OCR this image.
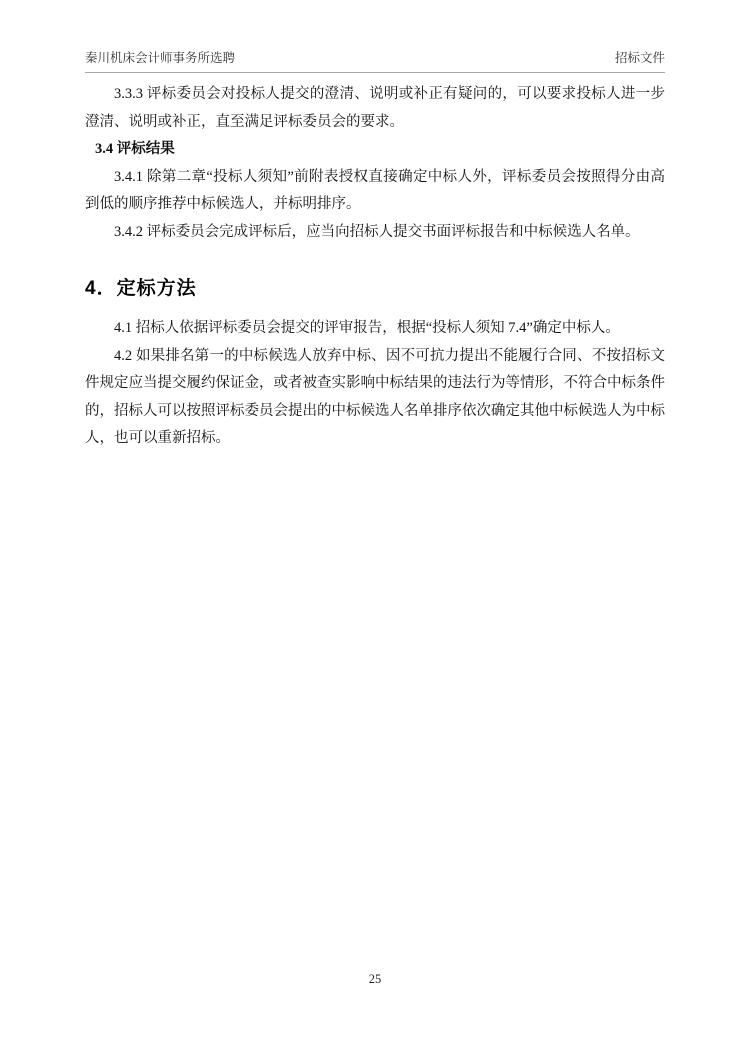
秦川机床会计师事务所选聘	招标文件

3.3.3 评标委员会对投标人提交的澄清、说明或补正有疑问的，可以要求投标人进一步澄清、说明或补正，直至满足评标委员会的要求。

3.4 评标结果

3.4.1 除第二章“投标人须知”前附表授权直接确定中标人外，评标委员会按照得分由高到低的顺序推荐中标候选人，并标明排序。

3.4.2 评标委员会完成评标后，应当向招标人提交书面评标报告和中标候选人名单。

4．定标方法

4.1 招标人依据评标委员会提交的评审报告，根据“投标人须知 7.4”确定中标人。

4.2 如果排名第一的中标候选人放弃中标、因不可抗力提出不能履行合同、不按招标文件规定应当提交履约保证金，或者被查实影响中标结果的违法行为等情形，不符合中标条件的，招标人可以按照评标委员会提出的中标候选人名单排序依次确定其他中标候选人为中标人，也可以重新招标。

25
